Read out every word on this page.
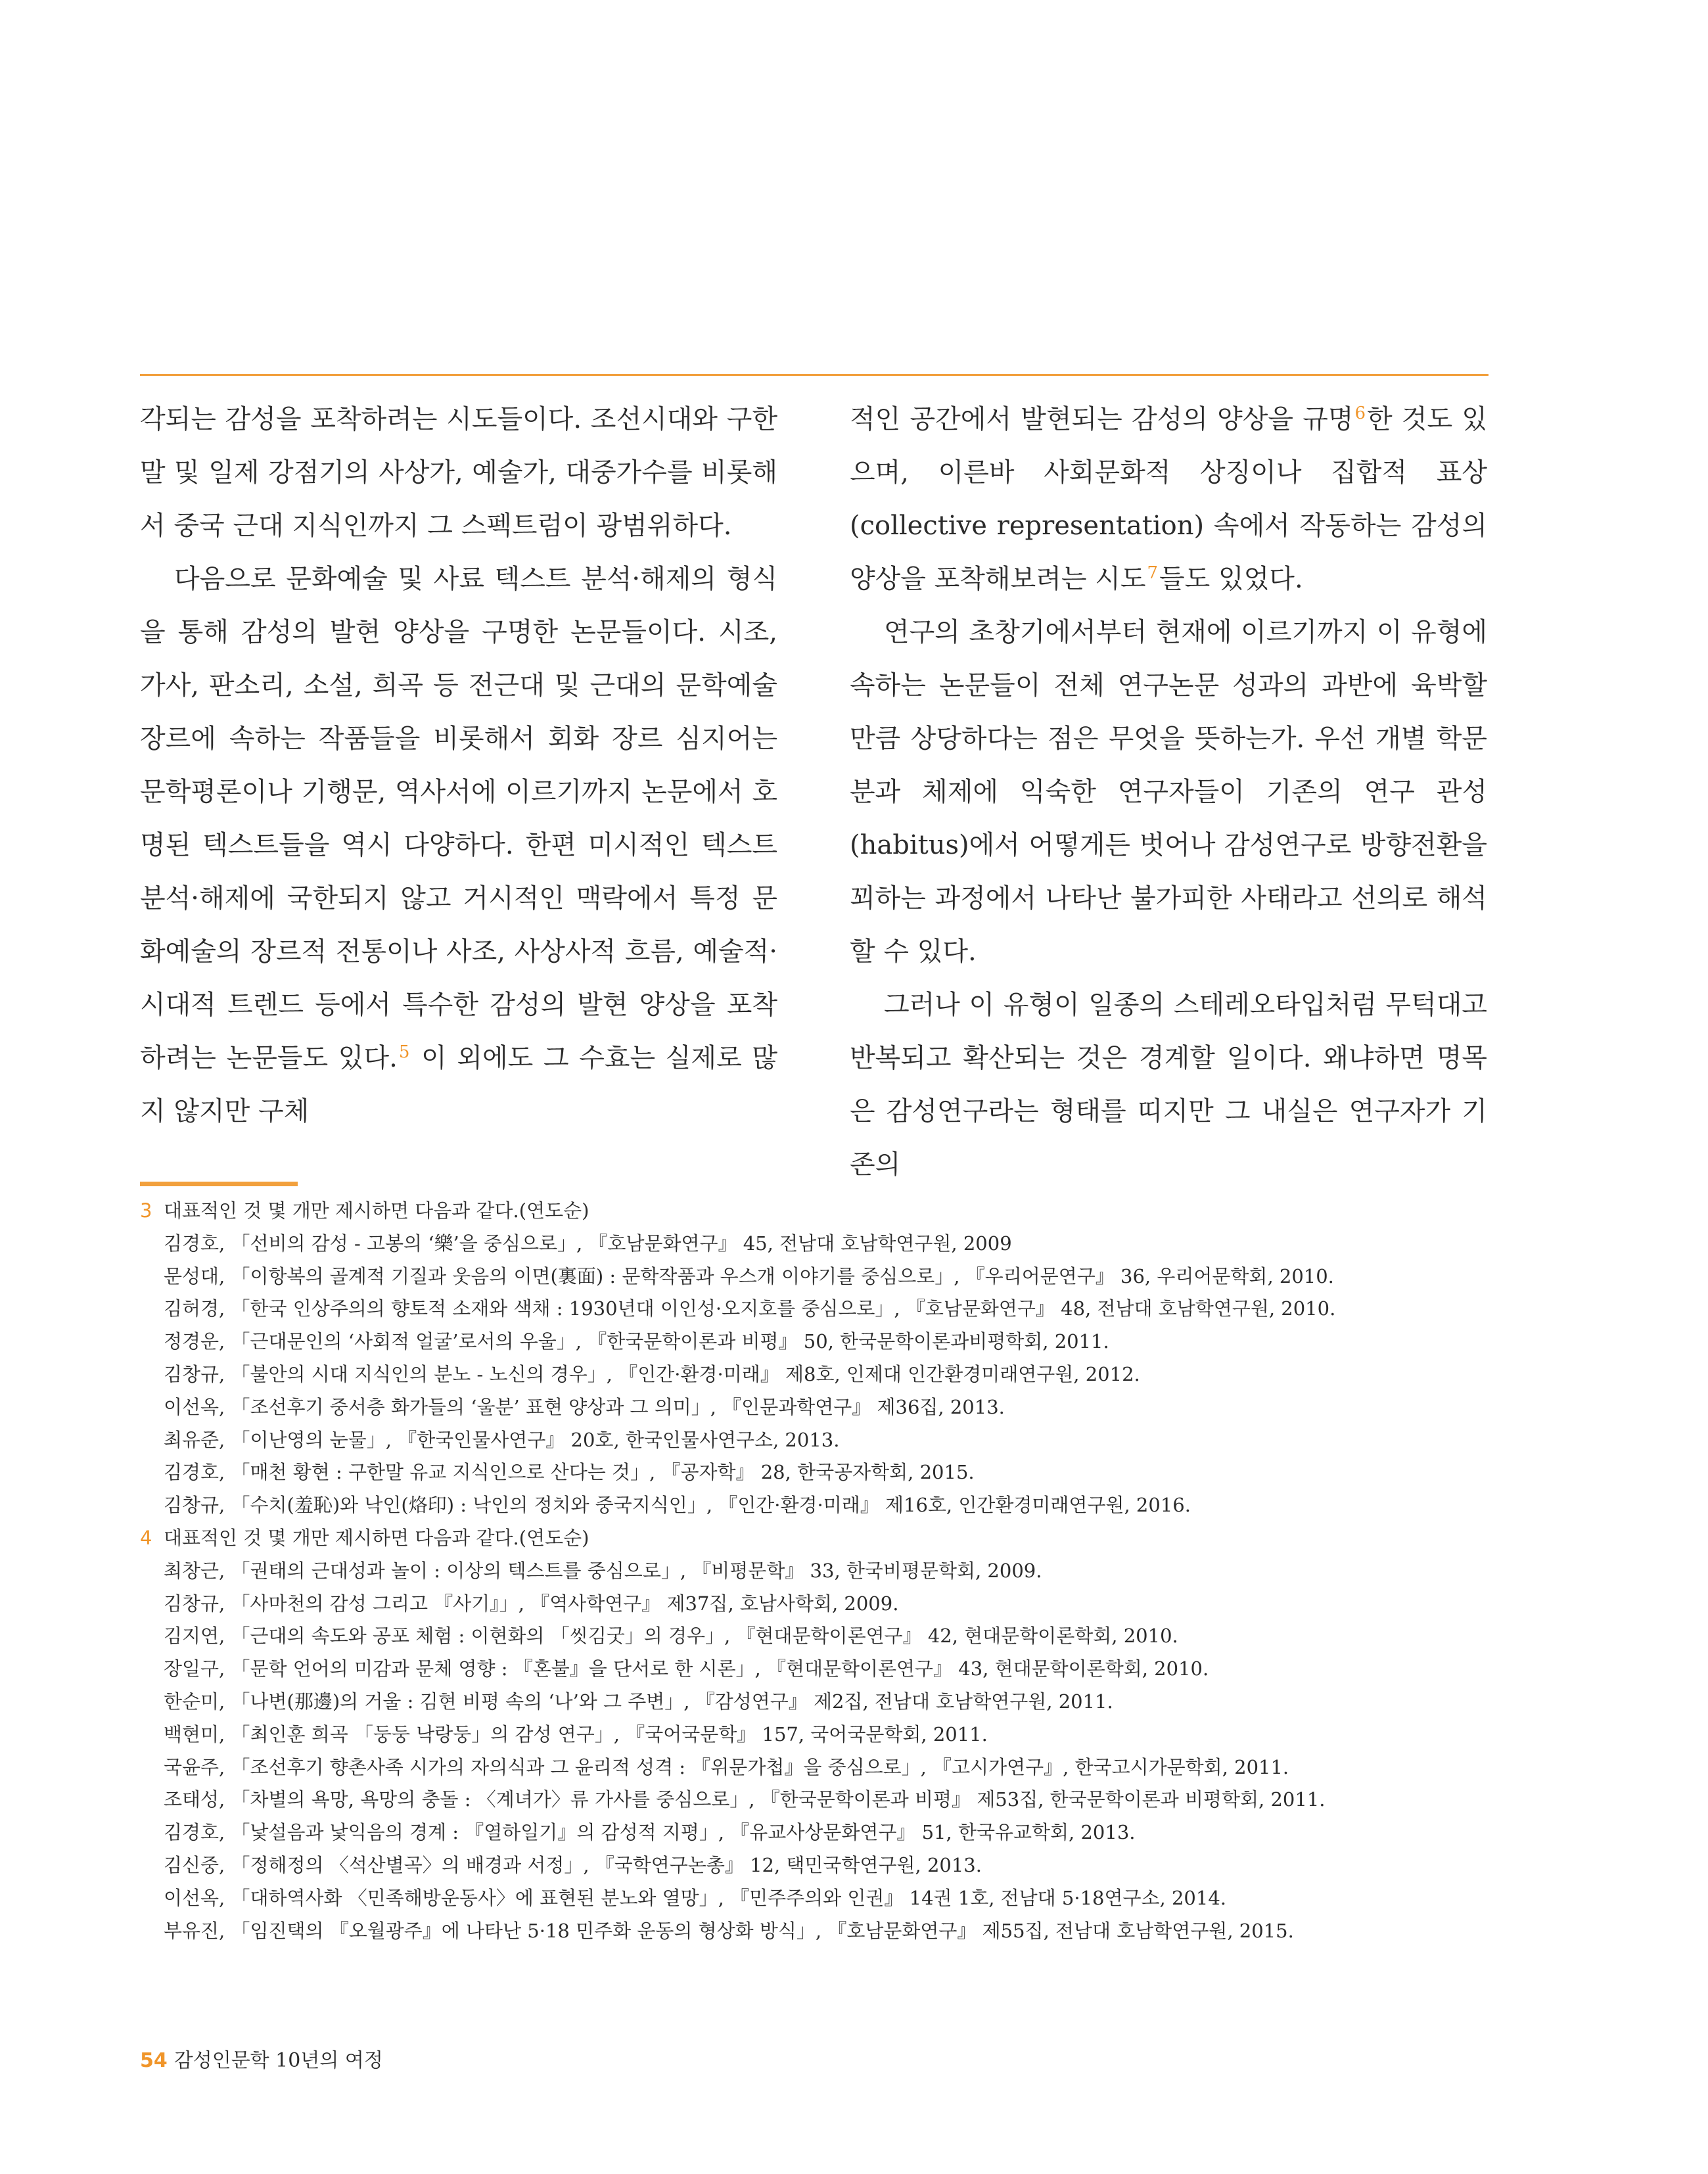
각되는 감성을 포착하려는 시도들이다. 조선시대와 구한말 및 일제 강점기의 사상가, 예술가, 대중가수를 비롯해서 중국 근대 지식인까지 그 스펙트럼이 광범위하다.

다음으로 문화예술 및 사료 텍스트 분석·해제의 형식을 통해 감성의 발현 양상을 구명한 논문들이다. 시조, 가사, 판소리, 소설, 희곡 등 전근대 및 근대의 문학예술 장르에 속하는 작품들을 비롯해서 회화 장르 심지어는 문학평론이나 기행문, 역사서에 이르기까지 논문에서 호명된 텍스트들을 역시 다양하다. 한편 미시적인 텍스트 분석·해제에 국한되지 않고 거시적인 맥락에서 특정 문화예술의 장르적 전통이나 사조, 사상사적 흐름, 예술적·시대적 트렌드 등에서 특수한 감성의 발현 양상을 포착하려는 논문들도 있다.$^5$ 이 외에도 그 수효는 실제로 많지 않지만 구체

적인 공간에서 발현되는 감성의 양상을 규명$^6$한 것도 있으며, 이른바 사회문화적 상징이나 집합적 표상(collective representation) 속에서 작동하는 감성의 양상을 포착해보려는 시도$^7$들도 있었다.

연구의 초창기에서부터 현재에 이르기까지 이 유형에 속하는 논문들이 전체 연구논문 성과의 과반에 육박할 만큼 상당하다는 점은 무엇을 뜻하는가. 우선 개별 학문 분과 체제에 익숙한 연구자들이 기존의 연구 관성(habitus)에서 어떻게든 벗어나 감성연구로 방향전환을 꾀하는 과정에서 나타난 불가피한 사태라고 선의로 해석할 수 있다.

그러나 이 유형이 일종의 스테레오타입처럼 무턱대고 반복되고 확산되는 것은 경계할 일이다. 왜냐하면 명목은 감성연구라는 형태를 띠지만 그 내실은 연구자가 기존의

3 대표적인 것 몇 개만 제시하면 다음과 같다.(연도순)
김경호, 「선비의 감성 - 고봉의 ‘樂’을 중심으로」, 『호남문화연구』 45, 전남대 호남학연구원, 2009
문성대, 「이항복의 골계적 기질과 웃음의 이면(裏面) : 문학작품과 우스개 이야기를 중심으로」, 『우리어문연구』 36, 우리어문학회, 2010.
김허경, 「한국 인상주의의 향토적 소재와 색채 : 1930년대 이인성·오지호를 중심으로」, 『호남문화연구』 48, 전남대 호남학연구원, 2010.
정경운, 「근대문인의 ‘사회적 얼굴’로서의 우울」, 『한국문학이론과 비평』 50, 한국문학이론과비평학회, 2011.
김창규, 「불안의 시대 지식인의 분노 - 노신의 경우」, 『인간·환경·미래』 제8호, 인제대 인간환경미래연구원, 2012.
이선옥, 「조선후기 중서층 화가들의 ‘울분’ 표현 양상과 그 의미」, 『인문과학연구』 제36집, 2013.
최유준, 「이난영의 눈물」, 『한국인물사연구』 20호, 한국인물사연구소, 2013.
김경호, 「매천 황현 : 구한말 유교 지식인으로 산다는 것」, 『공자학』 28, 한국공자학회, 2015.
김창규, 「수치(羞恥)와 낙인(烙印) : 낙인의 정치와 중국지식인」, 『인간·환경·미래』 제16호, 인간환경미래연구원, 2016.
4 대표적인 것 몇 개만 제시하면 다음과 같다.(연도순)
최창근, 「권태의 근대성과 놀이 : 이상의 텍스트를 중심으로」, 『비평문학』 33, 한국비평문학회, 2009.
김창규, 「사마천의 감성 그리고 『사기』」, 『역사학연구』 제37집, 호남사학회, 2009.
김지연, 「근대의 속도와 공포 체험 : 이현화의 「씻김굿」의 경우」, 『현대문학이론연구』 42, 현대문학이론학회, 2010.
장일구, 「문학 언어의 미감과 문체 영향 : 『혼불』을 단서로 한 시론」, 『현대문학이론연구』 43, 현대문학이론학회, 2010.
한순미, 「나변(那邊)의 거울 : 김현 비평 속의 ‘나’와 그 주변」, 『감성연구』 제2집, 전남대 호남학연구원, 2011.
백현미, 「최인훈 희곡 「둥둥 낙랑둥」의 감성 연구」, 『국어국문학』 157, 국어국문학회, 2011.
국윤주, 「조선후기 향촌사족 시가의 자의식과 그 윤리적 성격 : 『위문가첩』을 중심으로」, 『고시가연구』, 한국고시가문학회, 2011.
조태성, 「차별의 욕망, 욕망의 충돌 : 〈계녀가〉류 가사를 중심으로」, 『한국문학이론과 비평』 제53집, 한국문학이론과 비평학회, 2011.
김경호, 「낯설음과 낯익음의 경계 : 『열하일기』의 감성적 지평」, 『유교사상문화연구』 51, 한국유교학회, 2013.
김신중, 「정해정의 〈석산별곡〉의 배경과 서정」, 『국학연구논총』 12, 택민국학연구원, 2013.
이선옥, 「대하역사화 〈민족해방운동사〉에 표현된 분노와 열망」, 『민주주의와 인권』 14권 1호, 전남대 5·18연구소, 2014.
부유진, 「임진택의 『오월광주』에 나타난 5·18 민주화 운동의 형상화 방식」, 『호남문화연구』 제55집, 전남대 호남학연구원, 2015.
54 감성인문학 10년의 여정
